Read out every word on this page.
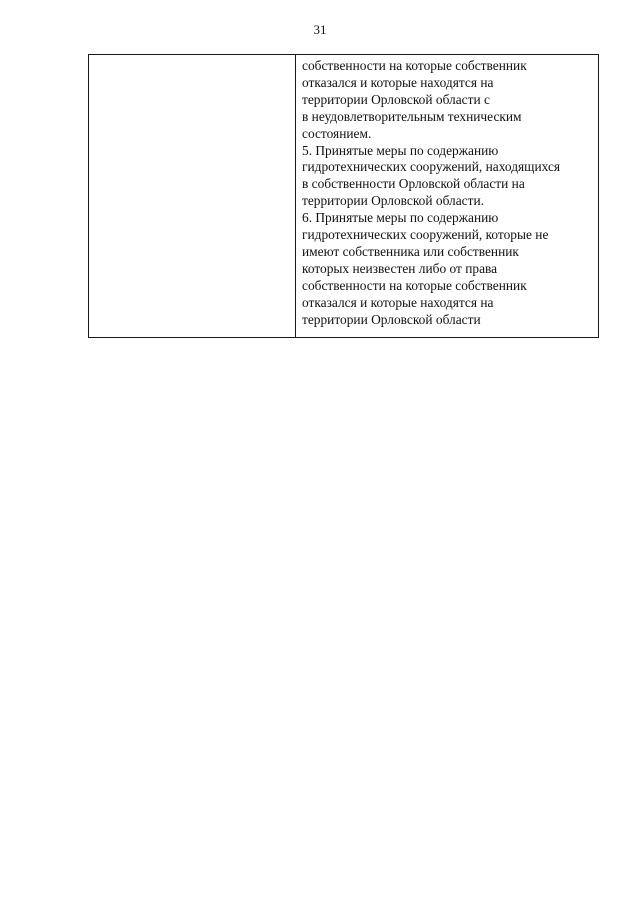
31

собственности на которые собственник
отказался и которые находятся на
территории Орловской области с
в неудовлетворительным техническим
состоянием.
5. Принятые меры по содержанию
гидротехнических сооружений, находящихся
в собственности Орловской области на
территории Орловской области.
6. Принятые меры по содержанию
гидротехнических сооружений, которые не
имеют собственника или собственник
которых неизвестен либо от права
собственности на которые собственник
отказался и которые находятся на
территории Орловской области
